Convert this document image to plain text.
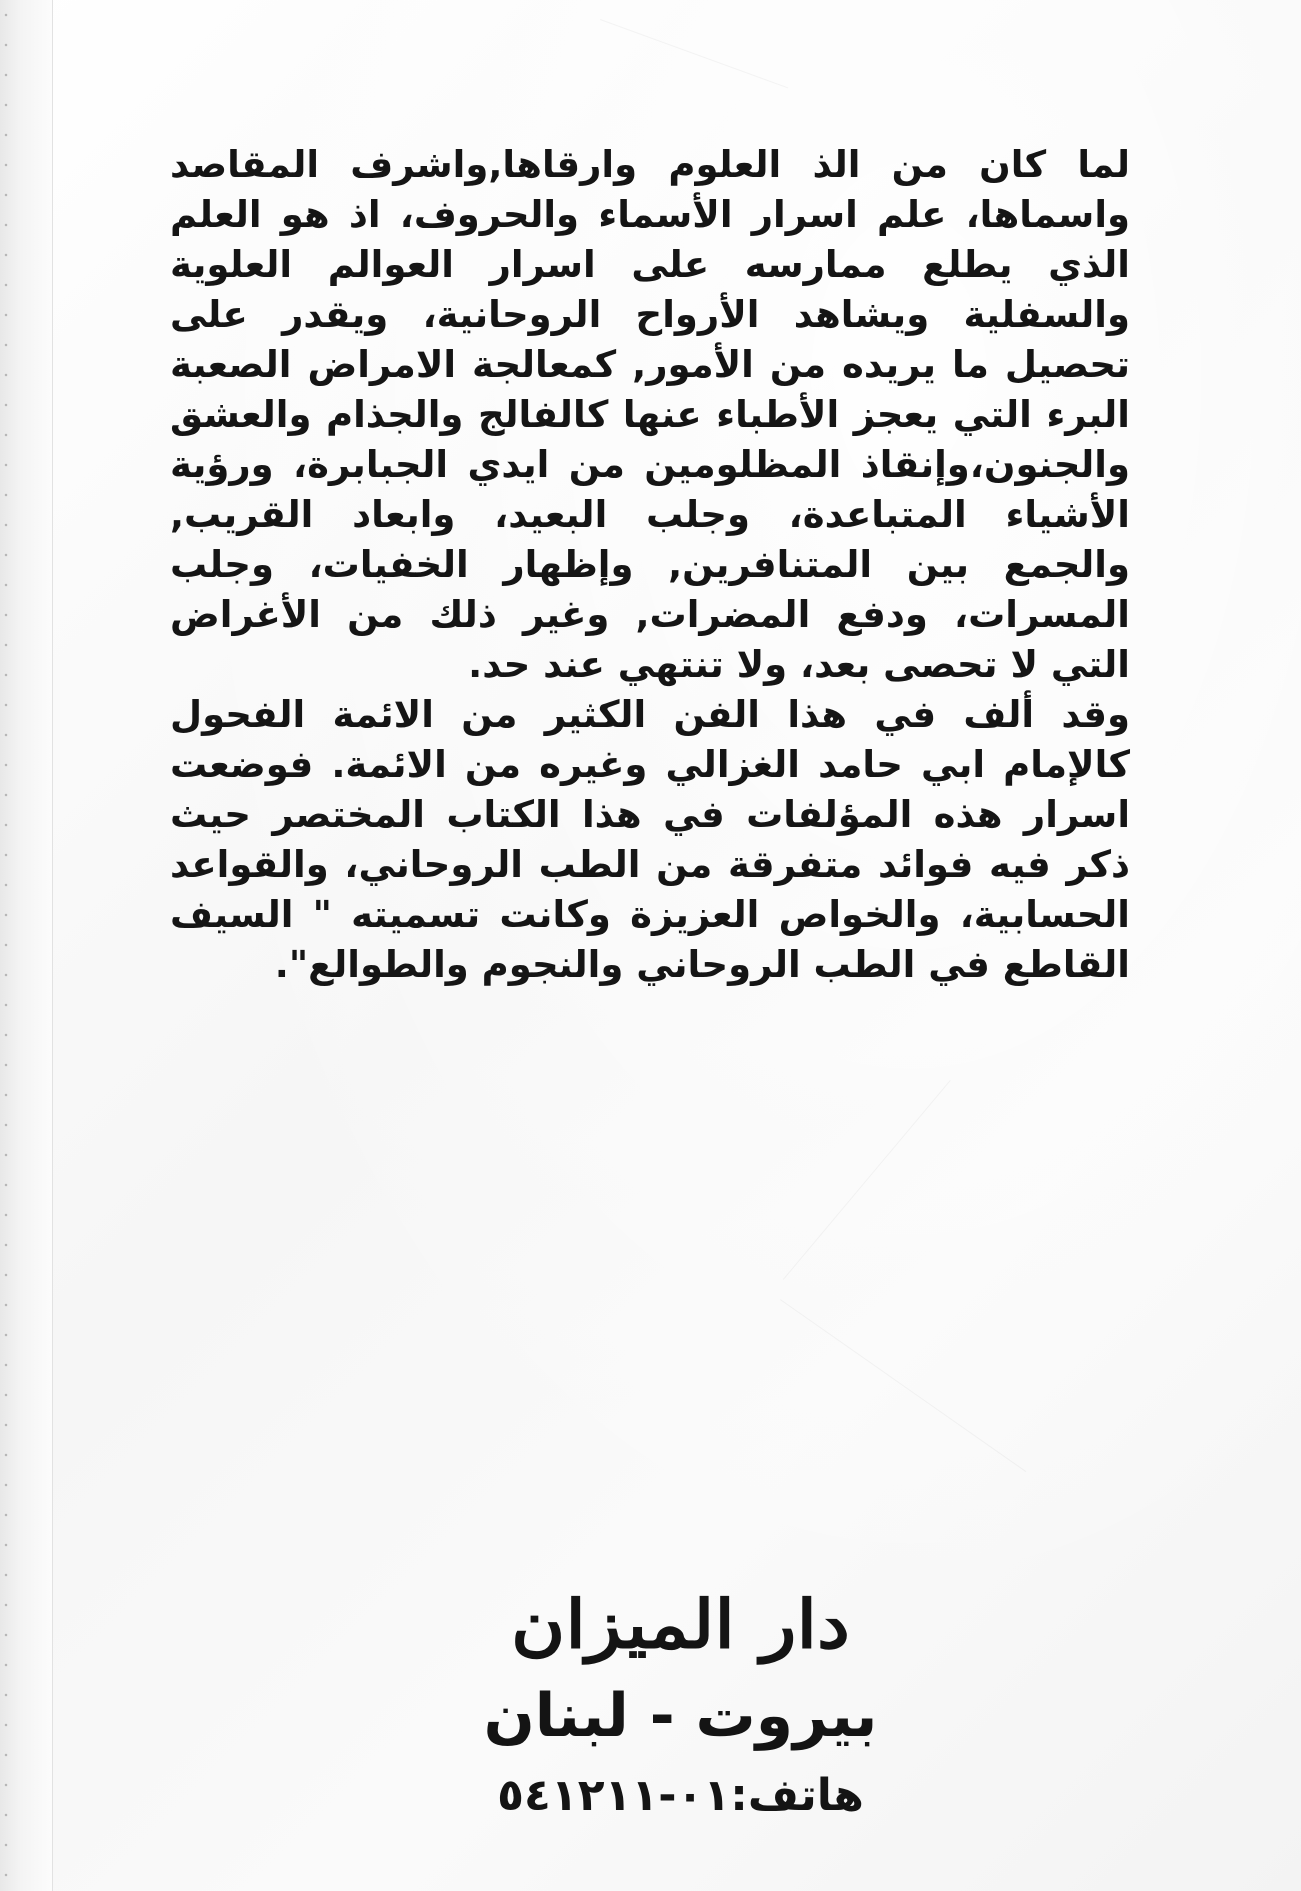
لما كان من الذ العلوم وارقاها,واشرف المقاصد واسماها، علم اسرار الأسماء والحروف، اذ هو العلم الذي يطلع ممارسه على اسرار العوالم العلوية والسفلية ويشاهد الأرواح الروحانية، ويقدر على تحصيل ما يريده من الأمور, كمعالجة الامراض الصعبة البرء التي يعجز الأطباء عنها كالفالج والجذام والعشق والجنون،وإنقاذ المظلومين من ايدي الجبابرة، ورؤية الأشياء المتباعدة، وجلب البعيد، وابعاد القريب, والجمع بين المتنافرين, وإظهار الخفيات، وجلب المسرات، ودفع المضرات, وغير ذلك من الأغراض التي لا تحصى بعد، ولا تنتهي عند حد.

وقد ألف في هذا الفن الكثير من الائمة الفحول كالإمام ابي حامد الغزالي وغيره من الائمة. فوضعت اسرار هذه المؤلفات في هذا الكتاب المختصر حيث ذكر فيه فوائد متفرقة من الطب الروحاني، والقواعد الحسابية، والخواص العزيزة وكانت تسميته " السيف القاطع في الطب الروحاني والنجوم والطوالع".

دار الميزان
بيروت - لبنان
هاتف:٠١-٥٤١٢١١
